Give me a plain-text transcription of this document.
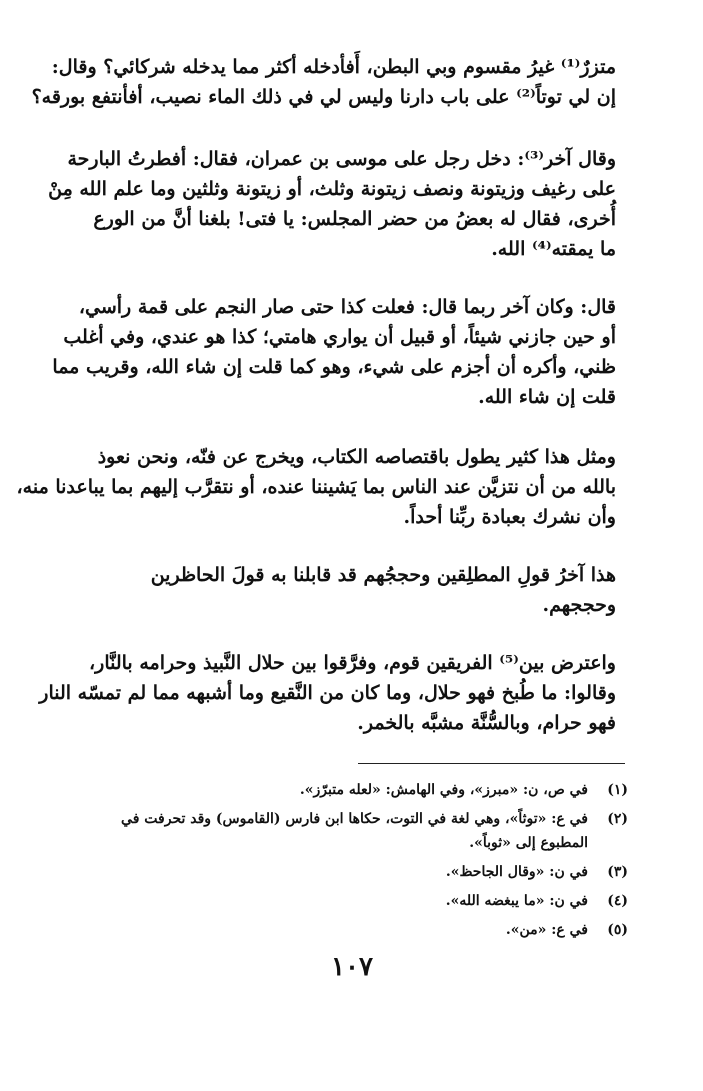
متزرٌ⁽¹⁾ غيرُ مقسوم وبي البطن، أَفأدخله أكثر مما يدخله شركائي؟ وقال:
إن لي توتاً⁽²⁾ على باب دارنا وليس لي في ذلك الماء نصيب، أفأنتفع بورقه؟
وقال آخر⁽³⁾: دخل رجل على موسى بن عمران، فقال: أفطرتُ البارحة
على رغيف وزيتونة ونصف زيتونة وثلث، أو زيتونة وثلثين وما علم الله مِنْ
أُخرى، فقال له بعضُ من حضر المجلس: يا فتى! بلغنا أنَّ من الورع
ما يمقته⁽⁴⁾ الله.
قال: وكان آخر ربما قال: فعلت كذا حتى صار النجم على قمة رأسي،
أو حين جازني شيئاً، أو قبيل أن يواري هامتي؛ كذا هو عندي، وفي أغلب
ظني، وأكره أن أجزم على شيء، وهو كما قلت إن شاء الله، وقريب مما
قلت إن شاء الله.
ومثل هذا كثير يطول باقتصاصه الكتاب، ويخرج عن فنّه، ونحن نعوذ
بالله من أن نتزيَّن عند الناس بما يَشيننا عنده، أو نتقرَّب إليهم بما يباعدنا منه،
وأن نشرك بعبادة ربِّنا أحداً.
هذا آخرُ قولِ المطلِقين وحججُهم قد قابلنا به قولَ الحاظرين
وحججهم.
واعترض بين⁽⁵⁾ الفريقين قوم، وفرَّقوا بين حلال النَّبيذ وحرامه بالنَّار،
وقالوا: ما طُبخ فهو حلال، وما كان من النَّقيع وما أشبهه مما لم تمسّه النار
فهو حرام، وبالسُّنَّة مشبَّه بالخمر.
(١)
في ص، ن: «مبرز»، وفي الهامش: «لعله متبرّز».
(٢)
في ع: «توثاً»، وهي لغة في التوت، حكاها ابن فارس (القاموس) وقد تحرفت في
المطبوع إلى «ثوباً».
(٣)
في ن: «وقال الجاحظ».
(٤)
في ن: «ما يبغضه الله».
(٥)
في ع: «من».
١٠٧
